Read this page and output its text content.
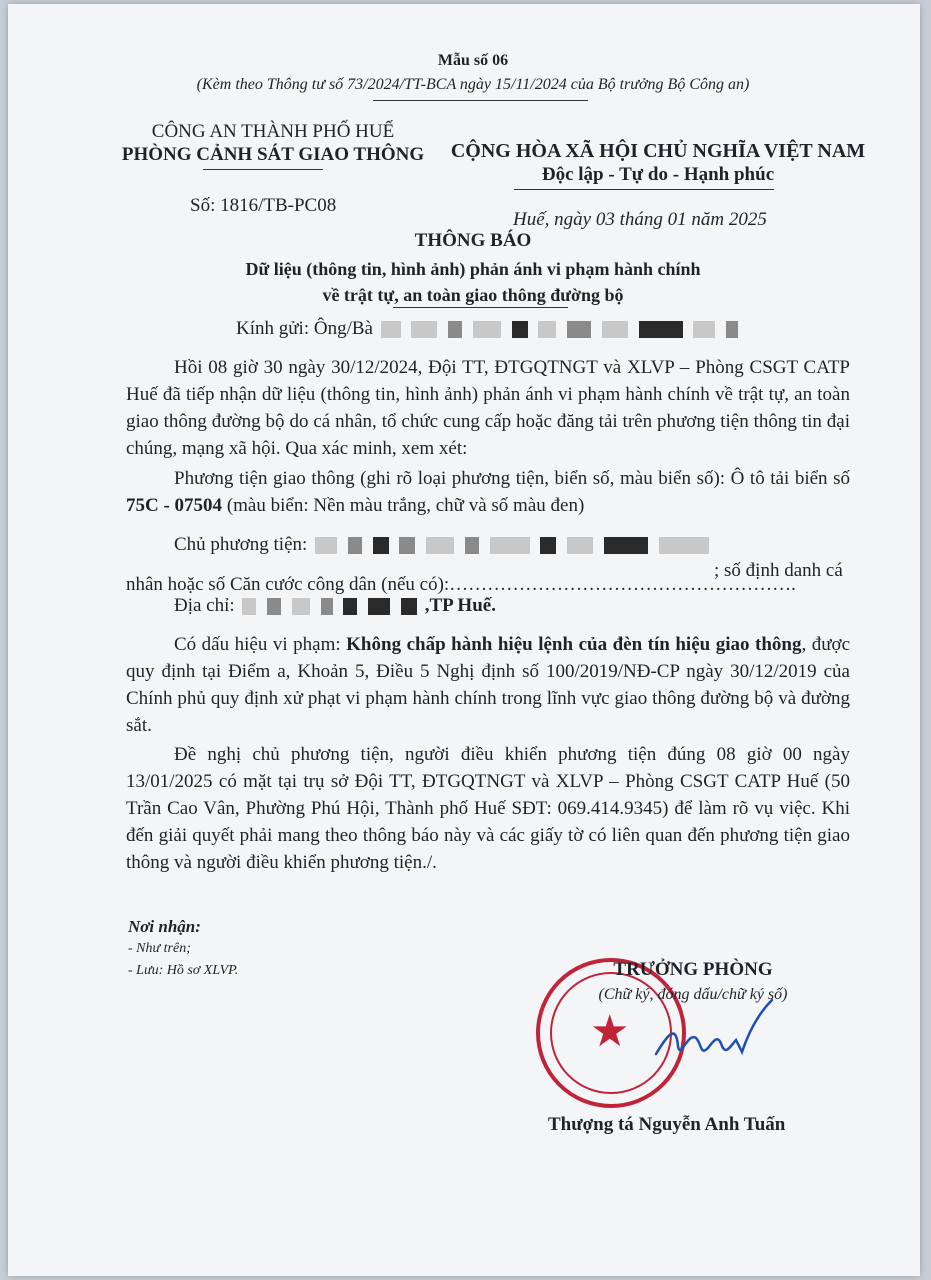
Mẫu số 06
(Kèm theo Thông tư số 73/2024/TT-BCA ngày 15/11/2024 của Bộ trưởng Bộ Công an)
CÔNG AN THÀNH PHỐ HUẾ
PHÒNG CẢNH SÁT GIAO THÔNG
Số: 1816/TB-PC08
CỘNG HÒA XÃ HỘI CHỦ NGHĨA VIỆT NAM
Độc lập - Tự do - Hạnh phúc
Huế, ngày 03 tháng 01 năm 2025
THÔNG BÁO
Dữ liệu (thông tin, hình ảnh) phản ánh vi phạm hành chính
về trật tự, an toàn giao thông đường bộ
Kính gửi: Ông/Bà
Hồi 08 giờ 30 ngày 30/12/2024, Đội TT, ĐTGQTNGT và XLVP – Phòng CSGT CATP Huế đã tiếp nhận dữ liệu (thông tin, hình ảnh) phản ánh vi phạm hành chính về trật tự, an toàn giao thông đường bộ do cá nhân, tổ chức cung cấp hoặc đăng tải trên phương tiện thông tin đại chúng, mạng xã hội. Qua xác minh, xem xét:
Phương tiện giao thông (ghi rõ loại phương tiện, biển số, màu biển số): Ô tô tải biển số 75C - 07504 (màu biển: Nền màu trắng, chữ và số màu đen)
Chủ phương tiện:
; số định danh cá
nhân hoặc số Căn cước công dân (nếu có):……………………………………………….
Địa chỉ:	,TP Huế.
Có dấu hiệu vi phạm: Không chấp hành hiệu lệnh của đèn tín hiệu giao thông, được quy định tại Điểm a, Khoản 5, Điều 5 Nghị định số 100/2019/NĐ-CP ngày 30/12/2019 của Chính phủ quy định xử phạt vi phạm hành chính trong lĩnh vực giao thông đường bộ và đường sắt.
Đề nghị chủ phương tiện, người điều khiển phương tiện đúng 08 giờ 00 ngày 13/01/2025 có mặt tại trụ sở Đội TT, ĐTGQTNGT và XLVP – Phòng CSGT CATP Huế (50 Trần Cao Vân, Phường Phú Hội, Thành phố Huế SĐT: 069.414.9345) để làm rõ vụ việc. Khi đến giải quyết phải mang theo thông báo này và các giấy tờ có liên quan đến phương tiện giao thông và người điều khiển phương tiện./.
Nơi nhận:
- Như trên;
- Lưu: Hồ sơ XLVP.
★
TRƯỞNG PHÒNG
(Chữ ký, đóng dấu/chữ ký số)
Thượng tá Nguyễn Anh Tuấn
